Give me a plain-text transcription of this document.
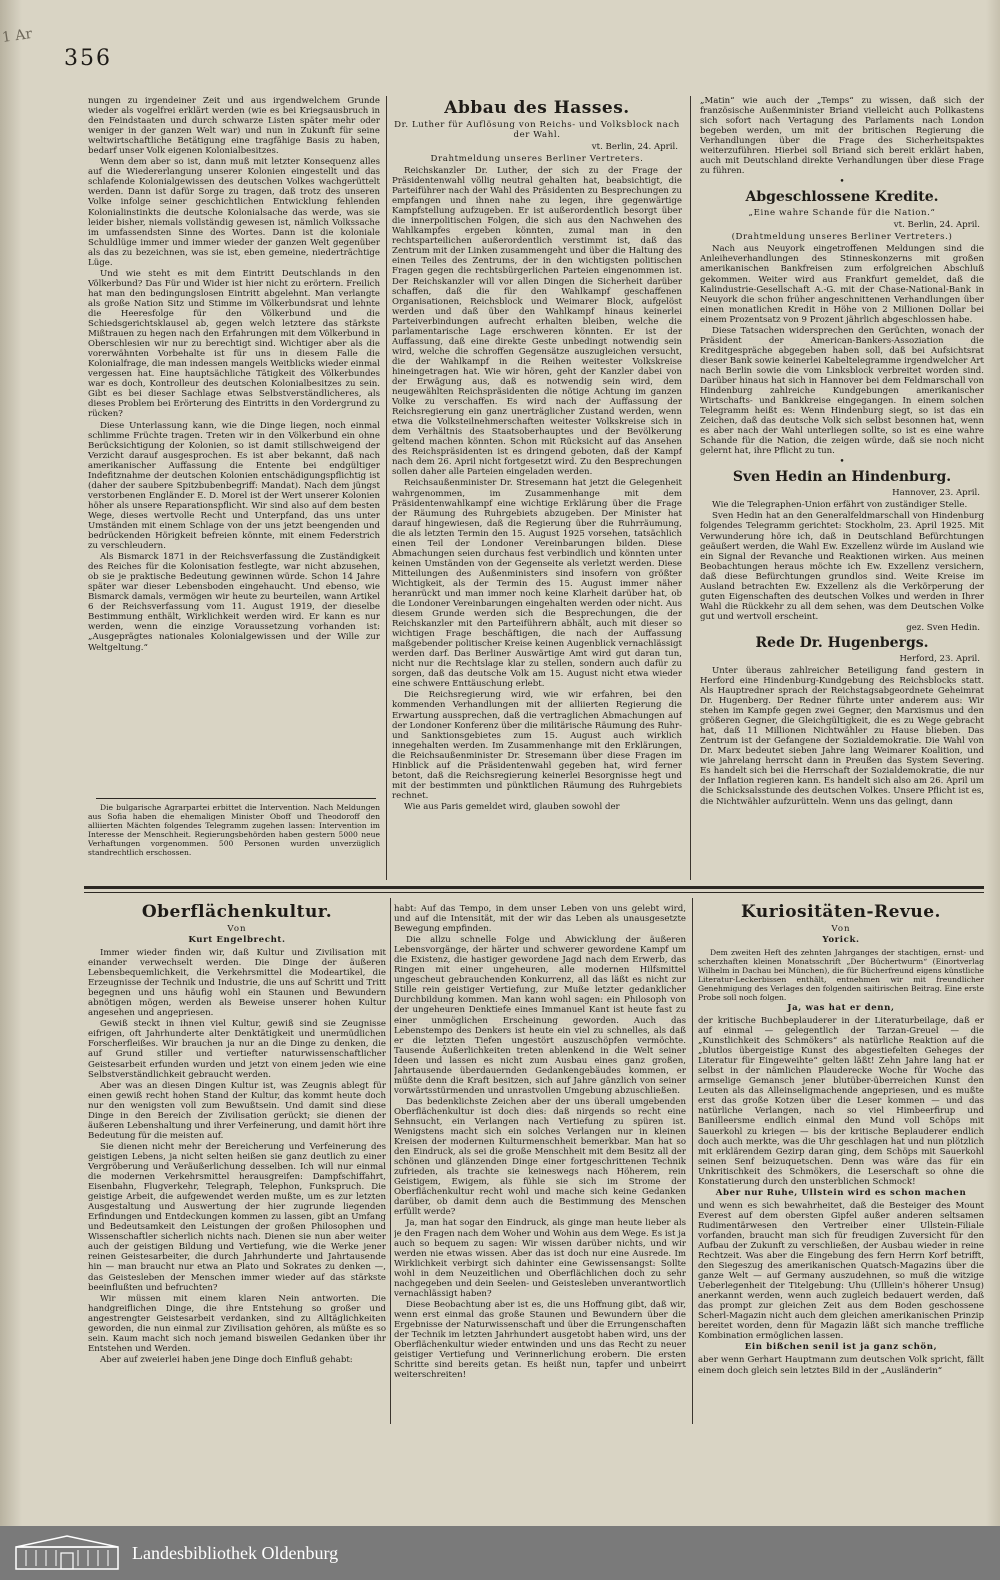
1 Ar
356

nungen zu irgendeiner Zeit und aus irgendwelchem Grunde wieder als vogelfrei erklärt werden (wie es bei Kriegsausbruch in den Feindstaaten und durch schwarze Listen später mehr oder weniger in der ganzen Welt war) und nun in Zukunft für seine weltwirtschaftliche Betätigung eine tragfähige Basis zu haben, bedarf unser Volk eigenen Kolonialbesitzes.

Wenn dem aber so ist, dann muß mit letzter Konsequenz alles auf die Wiedererlangung unserer Kolonien eingestellt und das schlafende Kolonialgewissen des deutschen Volkes wachgerüttelt werden. Dann ist dafür Sorge zu tragen, daß trotz des unseren Volke infolge seiner geschichtlichen Entwicklung fehlenden Kolonialinstinkts die deutsche Kolonialsache das werde, was sie leider bisher, niemals vollständig gewesen ist, nämlich Volkssache im umfassendsten Sinne des Wortes. Dann ist die koloniale Schuldlüge immer und immer wieder der ganzen Welt gegenüber als das zu bezeichnen, was sie ist, eben gemeine, niederträchtige Lüge.

Und wie steht es mit dem Eintritt Deutschlands in den Völkerbund? Das Für und Wider ist hier nicht zu erörtern. Freilich hat man den bedingungslosen Eintritt abgelehnt. Man verlangte als große Nation Sitz und Stimme im Völkerbundsrat und lehnte die Heeresfolge für den Völkerbund und die Schiedsgerichtsklausel ab, gegen welch letztere das stärkste Mißtrauen zu hegen nach den Erfahrungen mit dem Völkerbund in Oberschlesien wir nur zu berechtigt sind. Wichtiger aber als die vorerwähnten Vorbehalte ist für uns in diesem Falle die Kolonialfrage, die man indessen mangels Weitblicks wieder einmal vergessen hat. Eine hauptsächliche Tätigkeit des Völkerbundes war es doch, Kontrolleur des deutschen Kolonialbesitzes zu sein. Gibt es bei dieser Sachlage etwas Selbstverständlicheres, als dieses Problem bei Erörterung des Eintritts in den Vordergrund zu rücken?

Diese Unterlassung kann, wie die Dinge liegen, noch einmal schlimme Früchte tragen. Treten wir in den Völkerbund ein ohne Berücksichtigung der Kolonien, so ist damit stillschweigend der Verzicht darauf ausgesprochen. Es ist aber bekannt, daß nach amerikanischer Auffassung die Entente bei endgültiger Indefitznahme der deutschen Kolonien entschädigungspflichtig ist (daher der saubere Spitzbubenbegriff: Mandat). Nach dem jüngst verstorbenen Engländer E. D. Morel ist der Wert unserer Kolonien höher als unsere Reparationspflicht. Wir sind also auf dem besten Wege, dieses wertvolle Recht und Unterpfand, das uns unter Umständen mit einem Schlage von der uns jetzt beengenden und bedrückenden Hörigkeit befreien könnte, mit einem Federstrich zu verschleudern.

Als Bismarck 1871 in der Reichsverfassung die Zuständigkeit des Reiches für die Kolonisation festlegte, war nicht abzusehen, ob sie je praktische Bedeutung gewinnen würde. Schon 14 Jahre später war dieser Lebensboden eingehaucht. Und ebenso, wie Bismarck damals, vermögen wir heute zu beurteilen, wann Artikel 6 der Reichsverfassung vom 11. August 1919, der dieselbe Bestimmung enthält, Wirklichkeit werden wird. Er kann es nur werden, wenn die einzige Voraussetzung vorhanden ist: „Ausgeprägtes nationales Kolonialgewissen und der Wille zur Weltgeltung.“

Die bulgarische Agrarpartei erbittet die Intervention. Nach Meldungen aus Sofia haben die ehemaligen Minister Oboff und Theodoroff den alliierten Mächten folgendes Telegramm zugehen lassen: Intervention im Interesse der Menschheit. Regierungsbehörden haben gestern 5000 neue Verhaftungen vorgenommen. 500 Personen wurden unverzüglich standrechtlich erschossen.

Abbau des Hasses.
Dr. Luther für Auflösung von Reichs- und Volksblock nach der Wahl.
vt. Berlin, 24. April.
Drahtmeldung unseres Berliner Vertreters.

Reichskanzler Dr. Luther, der sich zu der Frage der Präsidentenwahl völlig neutral gehalten hat, beabsichtigt, die Parteiführer nach der Wahl des Präsidenten zu Besprechungen zu empfangen und ihnen nahe zu legen, ihre gegenwärtige Kampfstellung aufzugeben. Er ist außerordentlich besorgt über die innerpolitischen Folgen, die sich aus den Nachwehen des Wahlkampfes ergeben könnten, zumal man in den rechtsparteilichen außerordentlich verstimmt ist, daß das Zentrum mit der Linken zusammengeht und über die Haltung des einen Teiles des Zentrums, der in den wichtigsten politischen Fragen gegen die rechtsbürgerlichen Parteien eingenommen ist. Der Reichskanzler will vor allen Dingen die Sicherheit darüber schaffen, daß die für den Wahlkampf geschaffenen Organisationen, Reichsblock und Weimarer Block, aufgelöst werden und daß über den Wahlkampf hinaus keinerlei Parteiverbindungen aufrecht erhalten bleiben, welche die parlamentarische Lage erschweren könnten. Er ist der Auffassung, daß eine direkte Geste unbedingt notwendig sein wird, welche die schroffen Gegensätze auszugleichen versucht, die der Wahlkampf in die Reihen weitester Volkskreise hineingetragen hat. Wie wir hören, geht der Kanzler dabei von der Erwägung aus, daß es notwendig sein wird, dem neugewählten Reichspräsidenten die nötige Achtung im ganzen Volke zu verschaffen. Es wird nach der Auffassung der Reichsregierung ein ganz unerträglicher Zustand werden, wenn etwa die Volksteilnehmerschaften weitester Volkskreise sich in dem Verhältnis des Staatsoberhauptes und der Bevölkerung geltend machen könnten. Schon mit Rücksicht auf das Ansehen des Reichspräsidenten ist es dringend geboten, daß der Kampf nach dem 26. April nicht fortgesetzt wird. Zu den Besprechungen sollen daher alle Parteien eingeladen werden.

Reichsaußenminister Dr. Stresemann hat jetzt die Gelegenheit wahrgenommen, im Zusammenhange mit dem Präsidentenwahlkampf eine wichtige Erklärung über die Frage der Räumung des Ruhrgebiets abzugeben. Der Minister hat darauf hingewiesen, daß die Regierung über die Ruhrräumung, die als letzten Termin den 15. August 1925 vorsehen, tatsächlich einen Teil der Londoner Vereinbarungen bilden. Diese Abmachungen seien durchaus fest verbindlich und könnten unter keinen Umständen von der Gegenseite als verletzt werden. Diese Mitteilungen des Außenministers sind insofern von größter Wichtigkeit, als der Termin des 15. August immer näher heranrückt und man immer noch keine Klarheit darüber hat, ob die Londoner Vereinbarungen eingehalten werden oder nicht. Aus diesem Grunde werden sich die Besprechungen, die der Reichskanzler mit den Parteiführern abhält, auch mit dieser so wichtigen Frage beschäftigen, die nach der Auffassung maßgebender politischer Kreise keinen Augenblick vernachlässigt werden darf. Das Berliner Auswärtige Amt wird gut daran tun, nicht nur die Rechtslage klar zu stellen, sondern auch dafür zu sorgen, daß das deutsche Volk am 15. August nicht etwa wieder eine schwere Enttäuschung erlebt.

Die Reichsregierung wird, wie wir erfahren, bei den kommenden Verhandlungen mit der alliierten Regierung die Erwartung aussprechen, daß die vertraglichen Abmachungen auf der Londoner Konferenz über die militärische Räumung des Ruhr- und Sanktionsgebietes zum 15. August auch wirklich innegehalten werden. Im Zusammenhange mit den Erklärungen, die Reichsaußenminister Dr. Stresemann über diese Fragen im Hinblick auf die Präsidentenwahl gegeben hat, wird ferner betont, daß die Reichsregierung keinerlei Besorgnisse hegt und mit der bestimmten und pünktlichen Räumung des Ruhrgebiets rechnet.

Wie aus Paris gemeldet wird, glauben sowohl der

„Matin“ wie auch der „Temps“ zu wissen, daß sich der französische Außenminister Briand vielleicht auch Pollkastens sich sofort nach Vertagung des Parlaments nach London begeben werden, um mit der britischen Regierung die Verhandlungen über die Frage des Sicherheitspaktes weiterzuführen. Hierbei soll Briand sich bereit erklärt haben, auch mit Deutschland direkte Verhandlungen über diese Frage zu führen.

•
Abgeschlossene Kredite.
„Eine wahre Schande für die Nation.“
vt. Berlin, 24. April.
(Drahtmeldung unseres Berliner Vertreters.)

Nach aus Neuyork eingetroffenen Meldungen sind die Anleiheverhandlungen des Stinneskonzerns mit großen amerikanischen Bankfreisen zum erfolgreichen Abschluß gekommen. Weiter wird aus Frankfurt gemeldet, daß die Kalindustrie-Gesellschaft A.-G. mit der Chase-National-Bank in Neuyork die schon früher angeschnittenen Verhandlungen über einen monatlichen Kredit in Höhe von 2 Millionen Dollar bei einem Prozentsatz von 9 Prozent jährlich abgeschlossen habe.

Diese Tatsachen widersprechen den Gerüchten, wonach der Präsident der American-Bankers-Assoziation die Kreditgespräche abgegeben haben soll, daß bei Aufsichtsrat dieser Bank sowie keinerlei Kabeltelegramme irgendwelcher Art nach Berlin sowie die vom Linksblock verbreitet worden sind. Darüber hinaus hat sich in Hannover bei dem Feldmarschall von Hindenburg zahlreiche Kundgebungen amerikanischer Wirtschafts- und Bankkreise eingegangen. In einem solchen Telegramm heißt es: Wenn Hindenburg siegt, so ist das ein Zeichen, daß das deutsche Volk sich selbst besonnen hat, wenn es aber nach der Wahl unterliegen sollte, so ist es eine wahre Schande für die Nation, die zeigen würde, daß sie noch nicht gelernt hat, ihre Pflicht zu tun.

•
Sven Hedin an Hindenburg.
Hannover, 23. April.

Wie die Telegraphen-Union erfährt von zuständiger Stelle.

Sven Hedin hat an den Generalfeldmarschall von Hindenburg folgendes Telegramm gerichtet: Stockholm, 23. April 1925. Mit Verwunderung höre ich, daß in Deutschland Befürchtungen geäußert werden, die Wahl Ew. Exzellenz würde im Ausland wie ein Signal der Revanche und Reaktionen wirken. Aus meinen Beobachtungen heraus möchte ich Ew. Exzellenz versichern, daß diese Befürchtungen grundlos sind. Weite Kreise im Ausland betrachten Ew. Exzellenz als die Verkörperung der guten Eigenschaften des deutschen Volkes und werden in Ihrer Wahl die Rückkehr zu all dem sehen, was dem Deutschen Volke gut und wertvoll erscheint.

gez. Sven Hedin.
Rede Dr. Hugenbergs.
Herford, 23. April.

Unter überaus zahlreicher Beteiligung fand gestern in Herford eine Hindenburg-Kundgebung des Reichsblocks statt. Als Hauptredner sprach der Reichstagsabgeordnete Geheimrat Dr. Hugenberg. Der Redner führte unter anderem aus: Wir stehen im Kampfe gegen zwei Gegner, den Marxismus und den größeren Gegner, die Gleichgültigkeit, die es zu Wege gebracht hat, daß 11 Millionen Nichtwähler zu Hause blieben. Das Zentrum ist der Gefangene der Sozialdemokratie. Die Wahl von Dr. Marx bedeutet sieben Jahre lang Weimarer Koalition, und wie jahrelang herrscht dann in Preußen das System Severing. Es handelt sich bei die Herrschaft der Sozialdemokratie, die nur der Inflation regieren kann. Es handelt sich also am 26. April um die Schicksalsstunde des deutschen Volkes. Unsere Pflicht ist es, die Nichtwähler aufzurütteln. Wenn uns das gelingt, dann

Oberflächenkultur.
Von
Kurt Engelbrecht.

Immer wieder finden wir, daß Kultur und Zivilisation mit einander verwechselt werden. Die Dinge der äußeren Lebensbequemlichkeit, die Verkehrsmittel die Modeartikel, die Erzeugnisse der Technik und Industrie, die uns auf Schritt und Tritt begegnen und uns häufig wohl ein Staunen und Bewundern abnötigen mögen, werden als Beweise unserer hohen Kultur angesehen und angepriesen.

Gewiß steckt in ihnen viel Kultur, gewiß sind sie Zeugnisse eifrigen, oft Jahrhunderte alter Denktätigkeit und unermüdlichen Forscherfleißes. Wir brauchen ja nur an die Dinge zu denken, die auf Grund stiller und vertiefter naturwissenschaftlicher Geistesarbeit erfunden wurden und jetzt von einem jeden wie eine Selbstverständlichkeit gebraucht werden.

Aber was an diesen Dingen Kultur ist, was Zeugnis ablegt für einen gewiß recht hohen Stand der Kultur, das kommt heute doch nur den wenigsten voll zum Bewußtsein. Und damit sind diese Dinge in den Bereich der Zivilisation gerückt; sie dienen der äußeren Lebenshaltung und ihrer Verfeinerung, und damit hört ihre Bedeutung für die meisten auf.

Sie dienen nicht mehr der Bereicherung und Verfeinerung des geistigen Lebens, ja nicht selten heißen sie ganz deutlich zu einer Vergröberung und Veräußerlichung desselben. Ich will nur einmal die modernen Verkehrsmittel herausgreifen: Dampfschiffahrt, Eisenbahn, Flugverkehr, Telegraph, Telephon, Funkspruch. Die geistige Arbeit, die aufgewendet werden mußte, um es zur letzten Ausgestaltung und Auswertung der hier zugrunde liegenden Erfindungen und Entdeckungen kommen zu lassen, gibt an Umfang und Bedeutsamkeit den Leistungen der großen Philosophen und Wissenschaftler sicherlich nichts nach. Dienen sie nun aber weiter auch der geistigen Bildung und Vertiefung, wie die Werke jener reinen Geistesarbeiter, die durch Jahrhunderte und Jahrtausende hin — man braucht nur etwa an Plato und Sokrates zu denken —, das Geistesleben der Menschen immer wieder auf das stärkste beeinflußten und befruchten?

Wir müssen mit einem klaren Nein antworten. Die handgreiflichen Dinge, die ihre Entstehung so großer und angestrengter Geistesarbeit verdanken, sind zu Alltäglichkeiten geworden, die nun einmal zur Zivilisation gehören, als müßte es so sein. Kaum macht sich noch jemand bisweilen Gedanken über ihr Entstehen und Werden.

Aber auf zweierlei haben jene Dinge doch Einfluß gehabt:

habt: Auf das Tempo, in dem unser Leben von uns gelebt wird, und auf die Intensität, mit der wir das Leben als unausgesetzte Bewegung empfinden.

Die allzu schnelle Folge und Abwicklung der äußeren Lebensvorgänge, der härter und schwerer gewordene Kampf um die Existenz, die hastiger gewordene Jagd nach dem Erwerb, das Ringen mit einer ungeheuren, alle modernen Hilfsmittel ungescheut gebrauchenden Konkurrenz, all das läßt es nicht zur Stille rein geistiger Vertiefung, zur Muße letzter gedanklicher Durchbildung kommen. Man kann wohl sagen: ein Philosoph von der ungeheuren Denktiefe eines Immanuel Kant ist heute fast zu einer unmöglichen Erscheinung geworden. Auch das Lebenstempo des Denkers ist heute ein viel zu schnelles, als daß er die letzten Tiefen ungestört auszuschöpfen vermöchte. Tausende Äußerlichkeiten treten ablenkend in die Welt seiner Ideen und lassen es nicht zum Ausbau eines ganz großen, Jahrtausende überdauernden Gedankengebäudes kommen, er müßte denn die Kraft besitzen, sich auf Jahre gänzlich von seiner vorwärtsstürmenden und unrastvollen Umgebung abzuschließen.

Das bedenklichste Zeichen aber der uns überall umgebenden Oberflächenkultur ist doch dies: daß nirgends so recht eine Sehnsucht, ein Verlangen nach Vertiefung zu spüren ist. Wenigstens macht sich ein solches Verlangen nur in kleinen Kreisen der modernen Kulturmenschheit bemerkbar. Man hat so den Eindruck, als sei die große Menschheit mit dem Besitz all der schönen und glänzenden Dinge einer fortgeschrittenen Technik zufrieden, als trachte sie keineswegs nach Höherem, rein Geistigem, Ewigem, als fühle sie sich im Strome der Oberflächenkultur recht wohl und mache sich keine Gedanken darüber, ob damit denn auch die Bestimmung des Menschen erfüllt werde?

Ja, man hat sogar den Eindruck, als ginge man heute lieber als je den Fragen nach dem Woher und Wohin aus dem Wege. Es ist ja auch so bequem zu sagen: Wir wissen darüber nichts, und wir werden nie etwas wissen. Aber das ist doch nur eine Ausrede. Im Wirklichkeit verbirgt sich dahinter eine Gewissensangst: Sollte wohl in dem Neuzeitlichen und Oberflächlichen doch zu sehr nachgegeben und dein Seelen- und Geistesleben unverantwortlich vernachlässigt haben?

Diese Beobachtung aber ist es, die uns Hoffnung gibt, daß wir, wenn erst einmal das große Staunen und Bewundern über die Ergebnisse der Naturwissenschaft und über die Errungenschaften der Technik im letzten Jahrhundert ausgetobt haben wird, uns der Oberflächenkultur wieder entwinden und uns das Recht zu neuer geistiger Vertiefung und Verinnerlichung erobern. Die ersten Schritte sind bereits getan. Es heißt nun, tapfer und unbeirrt weiterschreiten!

Kuriositäten-Revue.
Von
Yorick.

Dem zweiten Heft des zehnten Jahrganges der stachtigen, ernst- und scherzhaften kleinen Monatsschrift „Der Büchertwurm“ (Einortverlag Wilhelm in Dachau bei München), die für Bücherfreund eigens künstliche Literatur-Leckerbissen enthält, entnehmen wir mit freundlicher Genehmigung des Verlages den folgenden saitirischen Beitrag. Eine erste Probe soll noch folgen.

Ja, was hat er denn,

der kritische Buchbeplauderer in der Literaturbeilage, daß er auf einmal — gelegentlich der Tarzan-Greuel — die „Kunstlichkeit des Schmökers“ als natürliche Reaktion auf die „blutlos übergeistige Kunst des abgestiefelten Geheges der Literatur für Eingeweihte“ gelten läßt! Zehn Jahre lang hat er selbst in der nämlichen Plauderecke Woche für Woche das armselige Gemansch jener blutüber-überreichen Kunst den Leuten als das Alleinseligmachende angepriesen, und es mußte erst das große Kotzen über die Leser kommen — und das natürliche Verlangen, nach so viel Himbeerfirup und Banilleersme endlich einmal den Mund voll Schöps mit Sauerkohl zu kriegen — bis der kritische Beplauderer endlich doch auch merkte, was die Uhr geschlagen hat und nun plötzlich mit erklärendem Gezirp daran ging, dem Schöps mit Sauerkohl seinen Senf beizuquetschen. Denn was wäre das für ein Unkritischkeit des Schmökers, die Leserschaft so ohne die Konstatierung durch den unsterblichen Schmock!

Aber nur Ruhe, Ullstein wird es schon machen

und wenn es sich bewahrheitet, daß die Besteiger des Mount Everest auf dem obersten Gipfel außer anderen seltsamen Rudimentärwesen den Vertreiber einer Ullstein-Filiale vorfanden, braucht man sich für freudigen Zuversicht für den Aufbau der Zukunft zu verschließen, der Ausbau wieder in reine Rechtzeit. Was aber die Eingebung des fern Herrn Korf betrifft, den Siegeszug des amerikanischen Quatsch-Magazins über die ganze Welt — auf Germany auszudehnen, so muß die witzige Ueberlegenheit der Titelgebung: Uhu (Ulllein's höherer Unsug) anerkannt werden, wenn auch zugleich bedauert werden, daß das prompt zur gleichen Zeit aus dem Boden geschossene Scherl-Magazin nicht auch dem gleichen amerikanischen Prinzip bereitet worden, denn für Magazin läßt sich manche treffliche Kombination ermöglichen lassen.

Ein bißchen senil ist ja ganz schön,

aber wenn Gerhart Hauptmann zum deutschen Volk spricht, fällt einem doch gleich sein letztes Bild in der „Ausländerin“

Landesbibliothek Oldenburg
